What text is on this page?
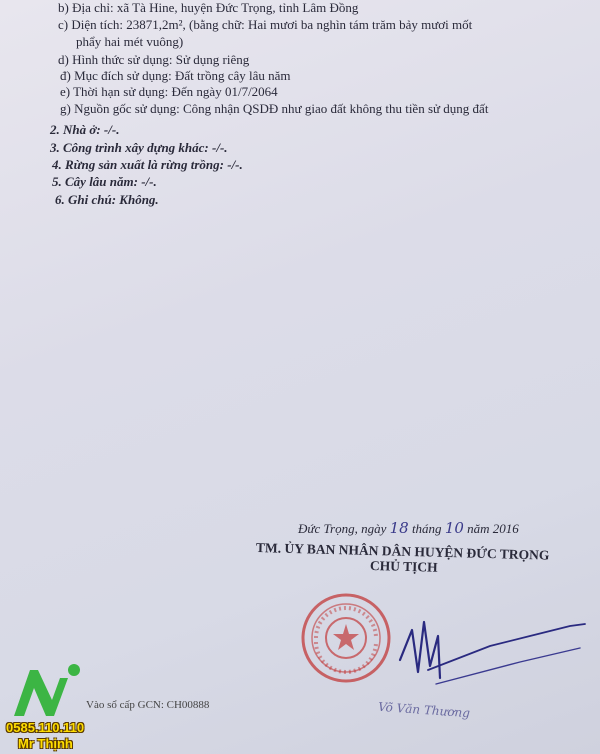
b) Địa chỉ: xã Tà Hine, huyện Đức Trọng, tỉnh Lâm Đồng
c) Diện tích: 23871,2m², (bằng chữ: Hai mươi ba nghìn tám trăm bảy mươi mốt
phẩy hai mét vuông)
d) Hình thức sử dụng: Sử dụng riêng
đ) Mục đích sử dụng: Đất trồng cây lâu năm
e) Thời hạn sử dụng: Đến ngày 01/7/2064
g) Nguồn gốc sử dụng: Công nhận QSDĐ như giao đất không thu tiền sử dụng đất
2. Nhà ở: -/-.
3. Công trình xây dựng khác: -/-.
4. Rừng sản xuất là rừng trồng: -/-.
5. Cây lâu năm: -/-.
6. Ghi chú: Không.
Đức Trọng, ngày 18 tháng 10 năm 2016
TM. ỦY BAN NHÂN DÂN HUYỆN ĐỨC TRỌNG
CHỦ TỊCH
Võ Văn Thương
Vào sổ cấp GCN: CH00888
0585.110.110
Mr Thịnh
